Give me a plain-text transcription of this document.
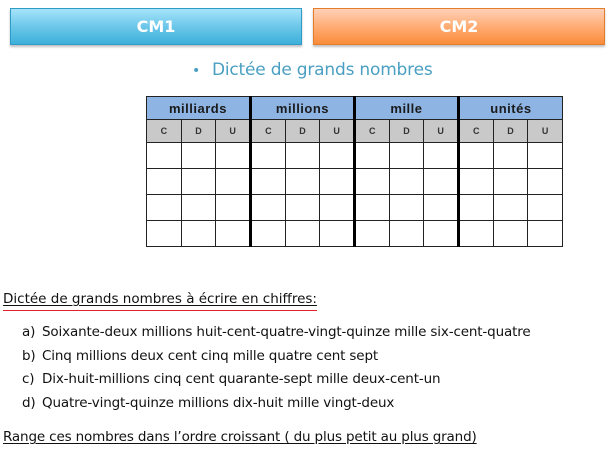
CM1	CM2
• Dictée de grands nombres
milliards			millions			mille			unités		
C	D	U	C	D	U	C	D	U	C	D	U

Dictée de grands nombres à écrire en chiffres:
a) Soixante-deux millions huit-cent-quatre-vingt-quinze mille six-cent-quatre
b) Cinq millions deux cent cinq mille quatre cent sept
c) Dix-huit-millions cinq cent quarante-sept mille deux-cent-un
d) Quatre-vingt-quinze millions dix-huit mille vingt-deux
Range ces nombres dans l’ordre croissant ( du plus petit au plus grand)
